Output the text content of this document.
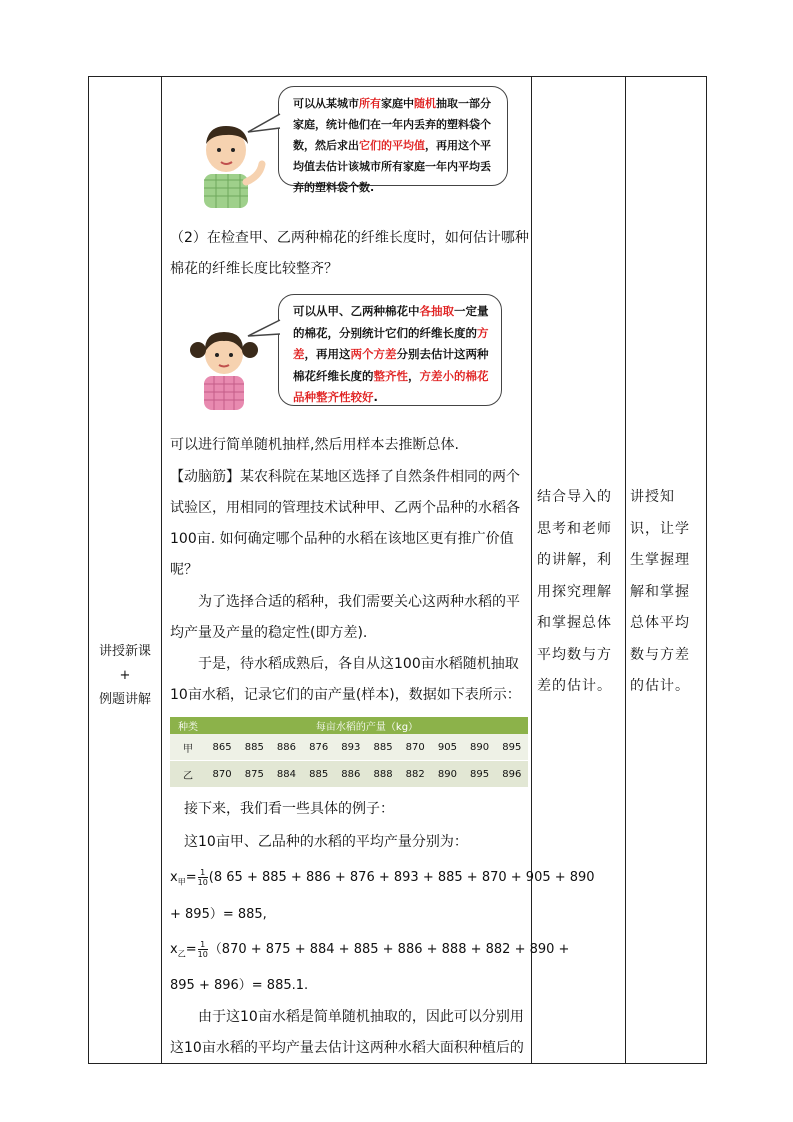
讲授新课
+
例题讲解
可以从某城市所有家庭中随机抽取一部分家庭，统计他们在一年内丢弃的塑料袋个数，然后求出它们的平均值，再用这个平均值去估计该城市所有家庭一年内平均丢弃的塑料袋个数.
（2）在检查甲、乙两种棉花的纤维长度时，如何估计哪种棉花的纤维长度比较整齐？
可以从甲、乙两种棉花中各抽取一定量的棉花，分别统计它们的纤维长度的方差，再用这两个方差分别去估计这两种棉花纤维长度的整齐性，方差小的棉花品种整齐性较好.
可以进行简单随机抽样,然后用样本去推断总体.
【动脑筋】某农科院在某地区选择了自然条件相同的两个试验区，用相同的管理技术试种甲、乙两个品种的水稻各100亩. 如何确定哪个品种的水稻在该地区更有推广价值呢？
为了选择合适的稻种，我们需要关心这两种水稻的平均产量及产量的稳定性(即方差).
于是，待水稻成熟后，各自从这100亩水稻随机抽取10亩水稻，记录它们的亩产量(样本)，数据如下表所示：
种类	每亩水稻的产量（kg）									
甲	865	885	886	876	893	885	870	905	890	895
乙	870	875	884	885	886	888	882	890	895	896
接下来，我们看一些具体的例子：
这10亩甲、乙品种的水稻的平均产量分别为：
$x_甲= \frac{1}{10} (8$ 65 + 885 + 886 + 876 + 893 + 885 + 870 + 905 + 890
+ 895）= 885,
$x_乙= \frac{1}{10} (870 + 875 + 884 + 885 + 886 + 888 + 882 + 890$ +
895 + 896）= 885.1.
由于这10亩水稻是简单随机抽取的，因此可以分别用这10亩水稻的平均产量去估计这两种水稻大面积种植后的
结合导入的思考和老师的讲解，利用探究理解和掌握总体平均数与方差的估计。
讲授知识，让学生掌握理解和掌握总体平均数与方差的估计。
